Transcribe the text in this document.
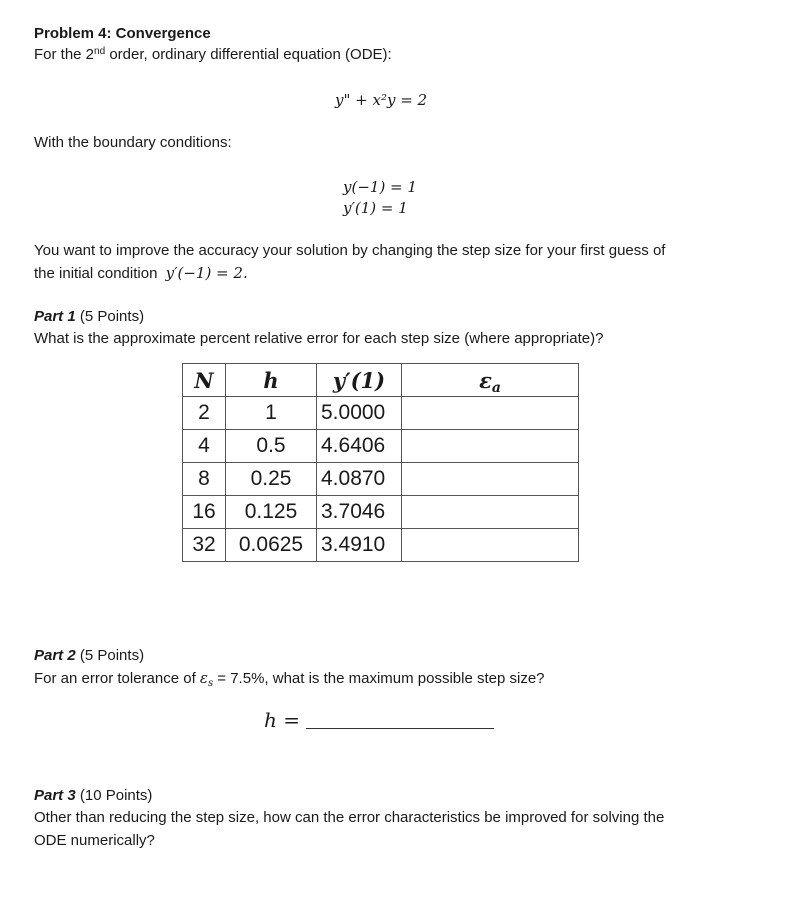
Problem 4: Convergence
For the 2nd order, ordinary differential equation (ODE):
y" + x²y = 2
With the boundary conditions:
y(−1) = 1
y′(1) = 1
You want to improve the accuracy your solution by changing the step size for your first guess of
the initial condition y′(−1) = 2.
Part 1 (5 Points)
What is the approximate percent relative error for each step size (where appropriate)?
N	h	y′(1)	$\varepsilon_a$
2	1	5.0000	
4	0.5	4.6406	
8	0.25	4.0870	
16	0.125	3.7046	
32	0.0625	3.4910	
Part 2 (5 Points)
For an error tolerance of $\varepsilon_s = 7.5\%$, what is the maximum possible step size?
h =
Part 3 (10 Points)
Other than reducing the step size, how can the error characteristics be improved for solving the
ODE numerically?
